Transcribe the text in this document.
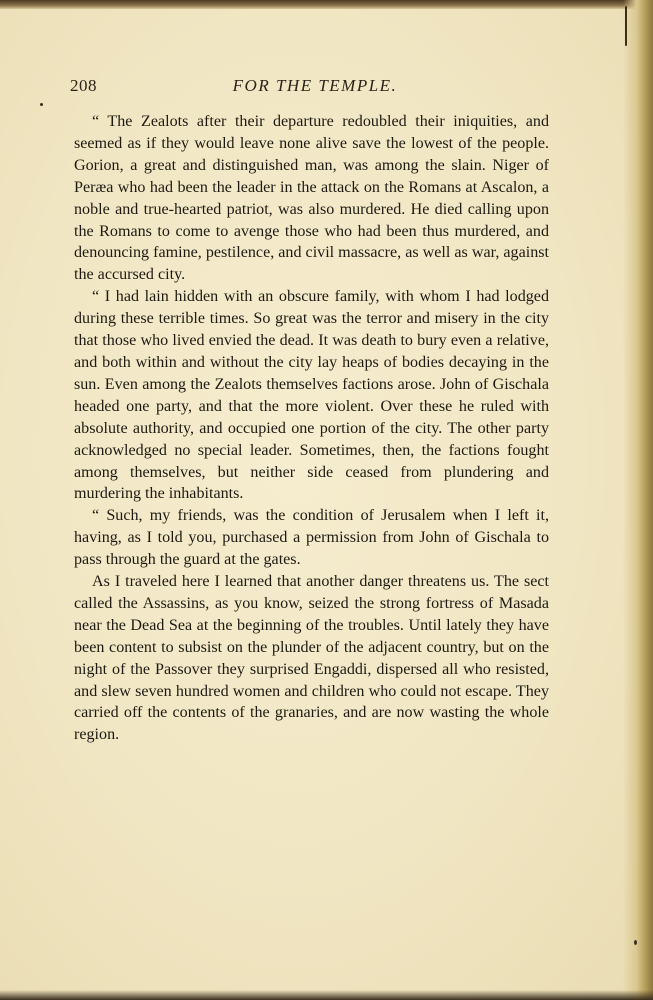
208	FOR THE TEMPLE.

“ The Zealots after their departure redoubled their iniquities, and seemed as if they would leave none alive save the lowest of the people. Gorion, a great and distinguished man, was among the slain. Niger of Peræa who had been the leader in the attack on the Romans at Ascalon, a noble and true-hearted patriot, was also murdered. He died calling upon the Romans to come to avenge those who had been thus murdered, and denouncing famine, pestilence, and civil massacre, as well as war, against the accursed city.

“ I had lain hidden with an obscure family, with whom I had lodged during these terrible times. So great was the terror and misery in the city that those who lived envied the dead. It was death to bury even a relative, and both within and without the city lay heaps of bodies decaying in the sun. Even among the Zealots themselves factions arose. John of Gischala headed one party, and that the more violent. Over these he ruled with absolute authority, and occupied one portion of the city. The other party acknowledged no special leader. Sometimes, then, the factions fought among themselves, but neither side ceased from plundering and murdering the inhabitants.

“ Such, my friends, was the condition of Jerusalem when I left it, having, as I told you, purchased a permission from John of Gischala to pass through the guard at the gates.

As I traveled here I learned that another danger threatens us. The sect called the Assassins, as you know, seized the strong fortress of Masada near the Dead Sea at the beginning of the troubles. Until lately they have been content to subsist on the plunder of the adjacent country, but on the night of the Passover they surprised Engaddi, dispersed all who resisted, and slew seven hundred women and children who could not escape. They carried off the contents of the granaries, and are now wasting the whole region.
